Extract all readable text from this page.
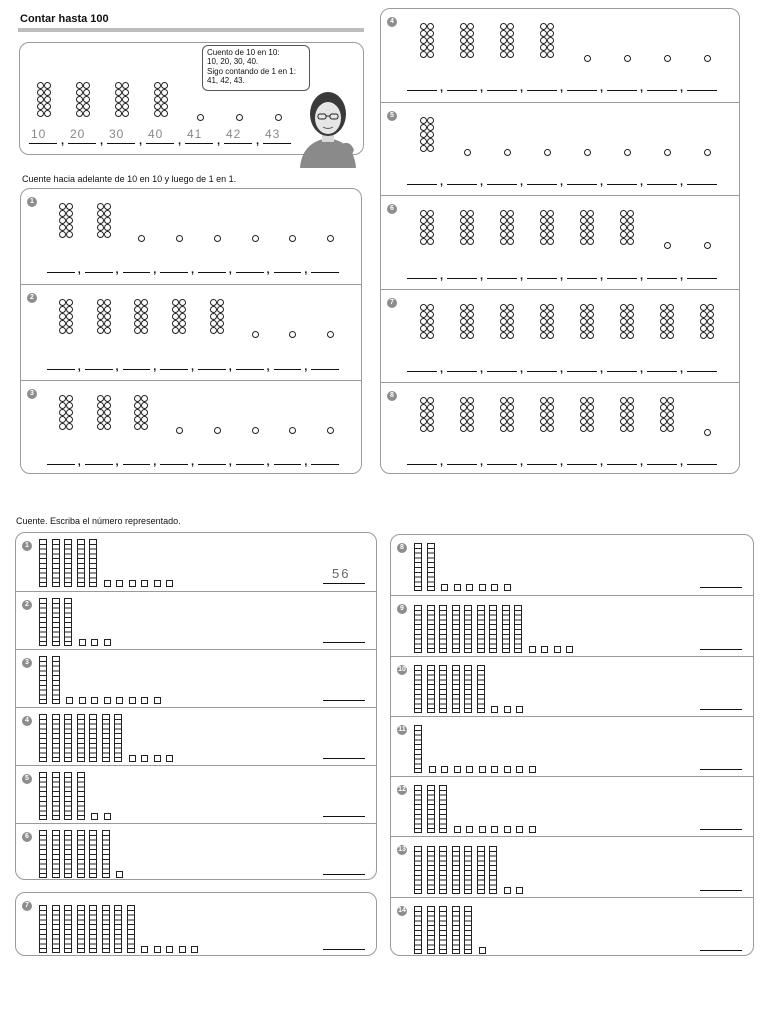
Contar hasta 100
Cuento de 10 en 10:
10, 20, 30, 40.
Sigo contando de 1 en 1:
41, 42, 43.
10 , 20 , 30 , 40 , 41 , 42 , 43
Cuente hacia adelante de 10 en 10 y luego de 1 en 1.
1
,	,	,	,	,	,	,
2
,	,	,	,	,	,	,
3
,	,	,	,	,	,	,
4
,	,	,	,	,	,	,
5
,	,	,	,	,	,	,
6
,	,	,	,	,	,	,
7
,	,	,	,	,	,	,
8
,	,	,	,	,	,	,
Cuente. Escriba el número representado.
1
56
2
3
4
5
6
7
8
9
10
11
12
13
14
